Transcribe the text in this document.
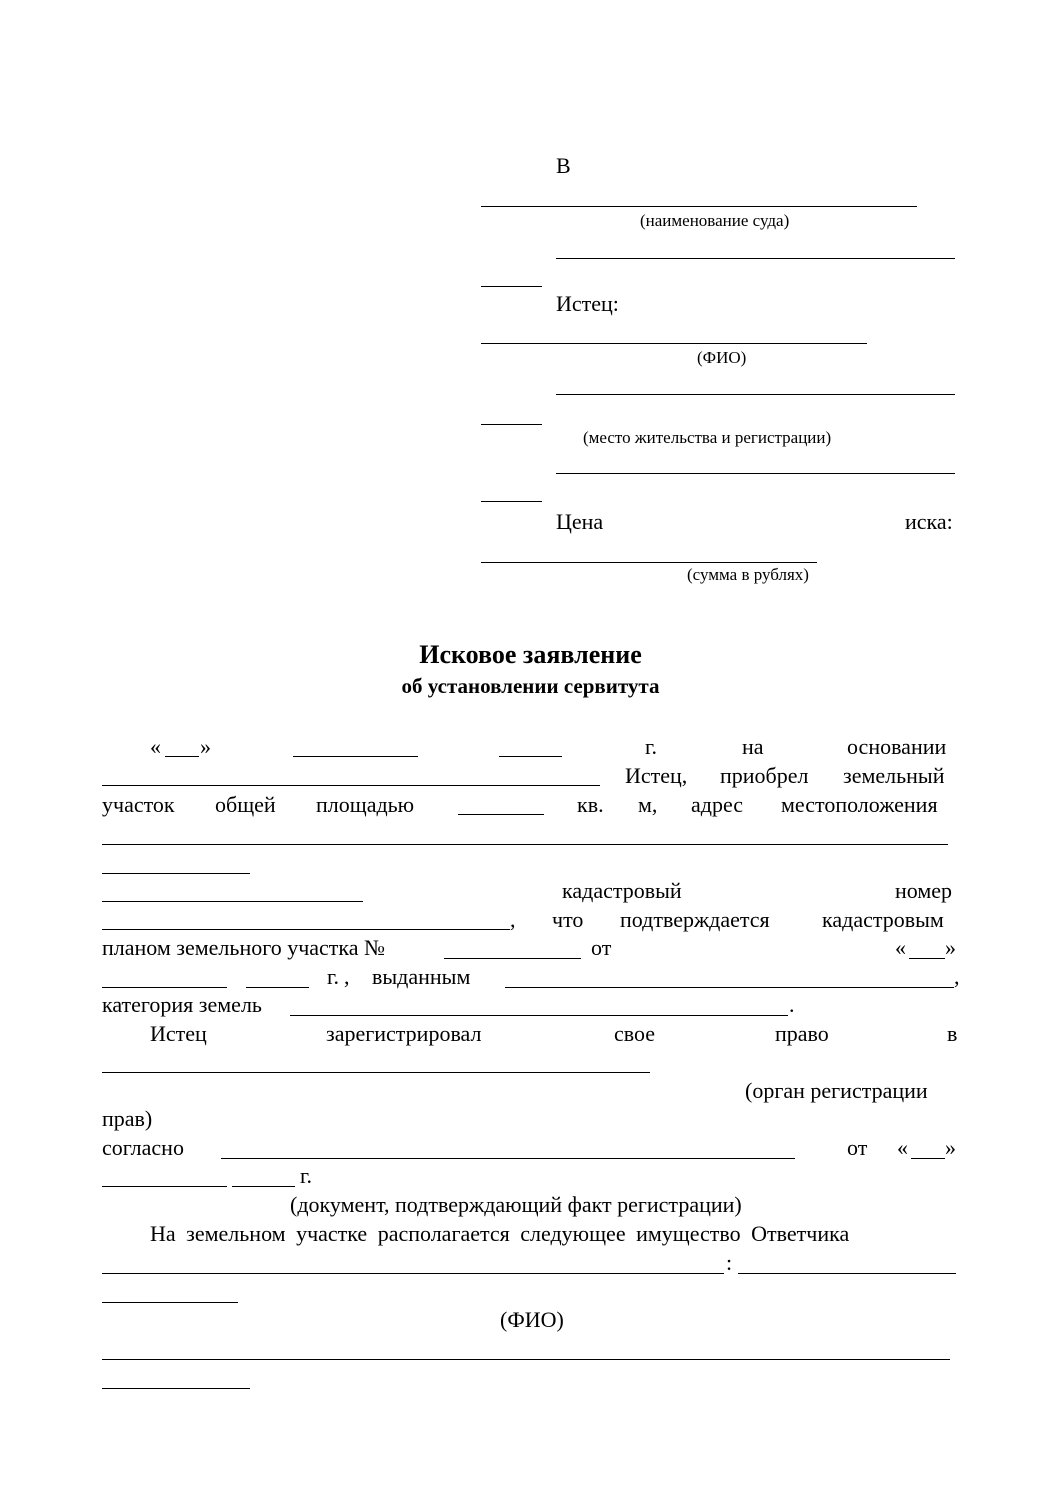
В
(наименование суда)
Истец:
(ФИО)
(место жительства и регистрации)
Цена	иска:
(сумма в рублях)
Исковое заявление
об установлении сервитута
« »	г.	на	основании
Истец, приобрел земельный
участок общей площадью	кв. м, адрес местоположения
кадастровый	номер
, что подтверждается кадастровым
планом земельного участка №	от	« »
г. , выданным	,
категория земель	.
Истец	зарегистрировал	свое	право	в
(орган регистрации
прав)
согласно	от « »
г.
(документ, подтверждающий факт регистрации)
На земельном участке располагается следующее имущество Ответчика
:
(ФИО)
